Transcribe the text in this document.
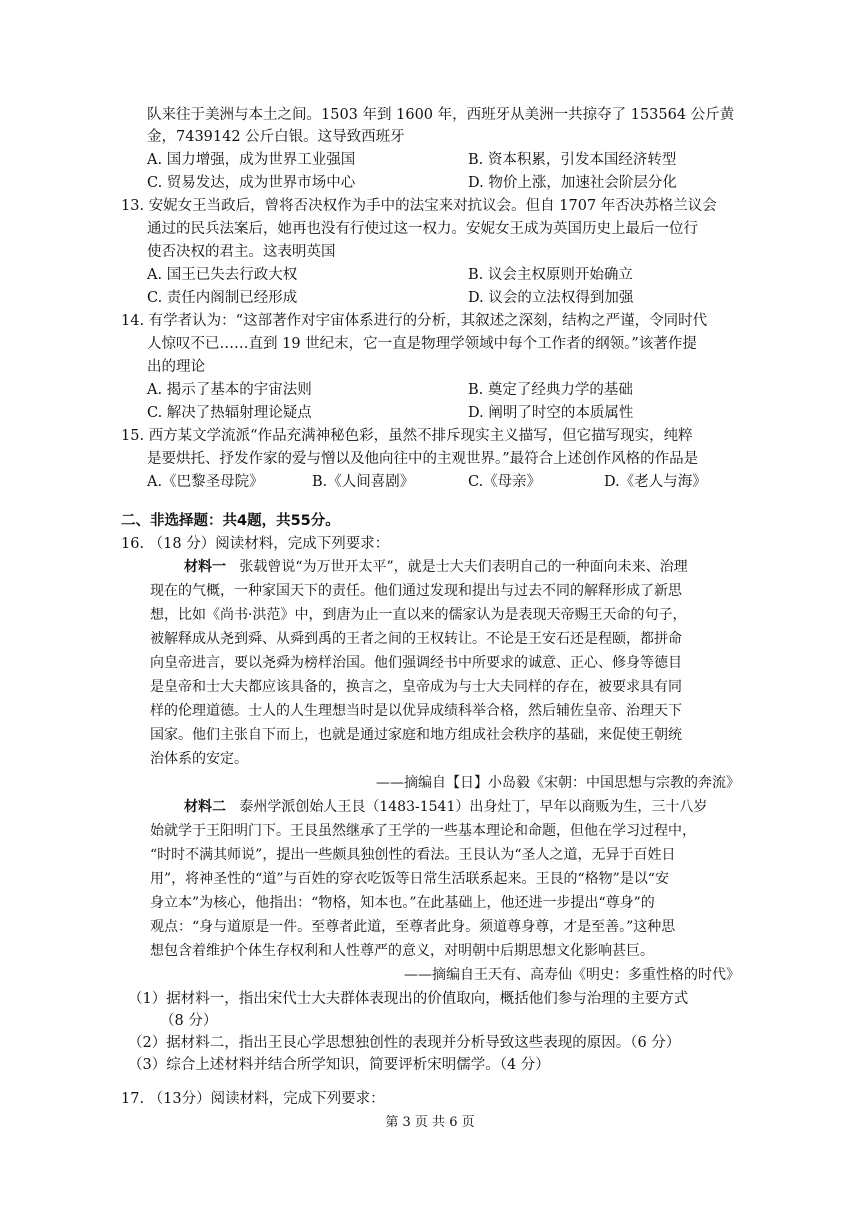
队来往于美洲与本土之间。1503 年到 1600 年，西班牙从美洲一共掠夺了 153564 公斤黄
金，7439142 公斤白银。这导致西班牙
A. 国力增强，成为世界工业强国	B. 资本积累，引发本国经济转型
C. 贸易发达，成为世界市场中心	D. 物价上涨，加速社会阶层分化
13. 安妮女王当政后，曾将否决权作为手中的法宝来对抗议会。但自 1707 年否决苏格兰议会
通过的民兵法案后，她再也没有行使过这一权力。安妮女王成为英国历史上最后一位行
使否决权的君主。这表明英国
A. 国王已失去行政大权	B. 议会主权原则开始确立
C. 责任内阁制已经形成	D. 议会的立法权得到加强
14. 有学者认为：“这部著作对宇宙体系进行的分析，其叙述之深刻，结构之严谨，令同时代
人惊叹不已……直到 19 世纪末，它一直是物理学领域中每个工作者的纲领。”该著作提
出的理论
A. 揭示了基本的宇宙法则	B. 奠定了经典力学的基础
C. 解决了热辐射理论疑点	D. 阐明了时空的本质属性
15. 西方某文学流派“作品充满神秘色彩，虽然不排斥现实主义描写，但它描写现实，纯粹
是要烘托、抒发作家的爱与憎以及他向往中的主观世界。”最符合上述创作风格的作品是
A.《巴黎圣母院》	B.《人间喜剧》	C.《母亲》	D.《老人与海》
二、非选择题：共4题，共55分。
16. （18 分）阅读材料，完成下列要求：
材料一 张载曾说“为万世开太平”，就是士大夫们表明自己的一种面向未来、治理
现在的气概，一种家国天下的责任。他们通过发现和提出与过去不同的解释形成了新思
想，比如《尚书·洪范》中，到唐为止一直以来的儒家认为是表现天帝赐王天命的句子，
被解释成从尧到舜、从舜到禹的王者之间的王权转让。不论是王安石还是程颐，都拼命
向皇帝进言，要以尧舜为榜样治国。他们强调经书中所要求的诚意、正心、修身等德目
是皇帝和士大夫都应该具备的，换言之，皇帝成为与士大夫同样的存在，被要求具有同
样的伦理道德。士人的人生理想当时是以优异成绩科举合格，然后辅佐皇帝、治理天下
国家。他们主张自下而上，也就是通过家庭和地方组成社会秩序的基础，来促使王朝统
治体系的安定。
——摘编自【日】小岛毅《宋朝：中国思想与宗教的奔流》
材料二 泰州学派创始人王艮（1483-1541）出身灶丁，早年以商贩为生，三十八岁
始就学于王阳明门下。王艮虽然继承了王学的一些基本理论和命题，但他在学习过程中，
“时时不满其师说”，提出一些颇具独创性的看法。王艮认为“圣人之道，无异于百姓日
用”，将神圣性的“道”与百姓的穿衣吃饭等日常生活联系起来。王艮的“格物”是以“安
身立本”为核心，他指出：“物格，知本也。”在此基础上，他还进一步提出“尊身”的
观点：“身与道原是一件。至尊者此道，至尊者此身。须道尊身尊，才是至善。”这种思
想包含着维护个体生存权利和人性尊严的意义，对明朝中后期思想文化影响甚巨。
——摘编自王天有、高寿仙《明史：多重性格的时代》
（1）据材料一，指出宋代士大夫群体表现出的价值取向，概括他们参与治理的主要方式
（8 分）
（2）据材料二，指出王艮心学思想独创性的表现并分析导致这些表现的原因。（6 分）
（3）综合上述材料并结合所学知识，简要评析宋明儒学。（4 分）
17. （13分）阅读材料，完成下列要求：
第 3 页 共 6 页
